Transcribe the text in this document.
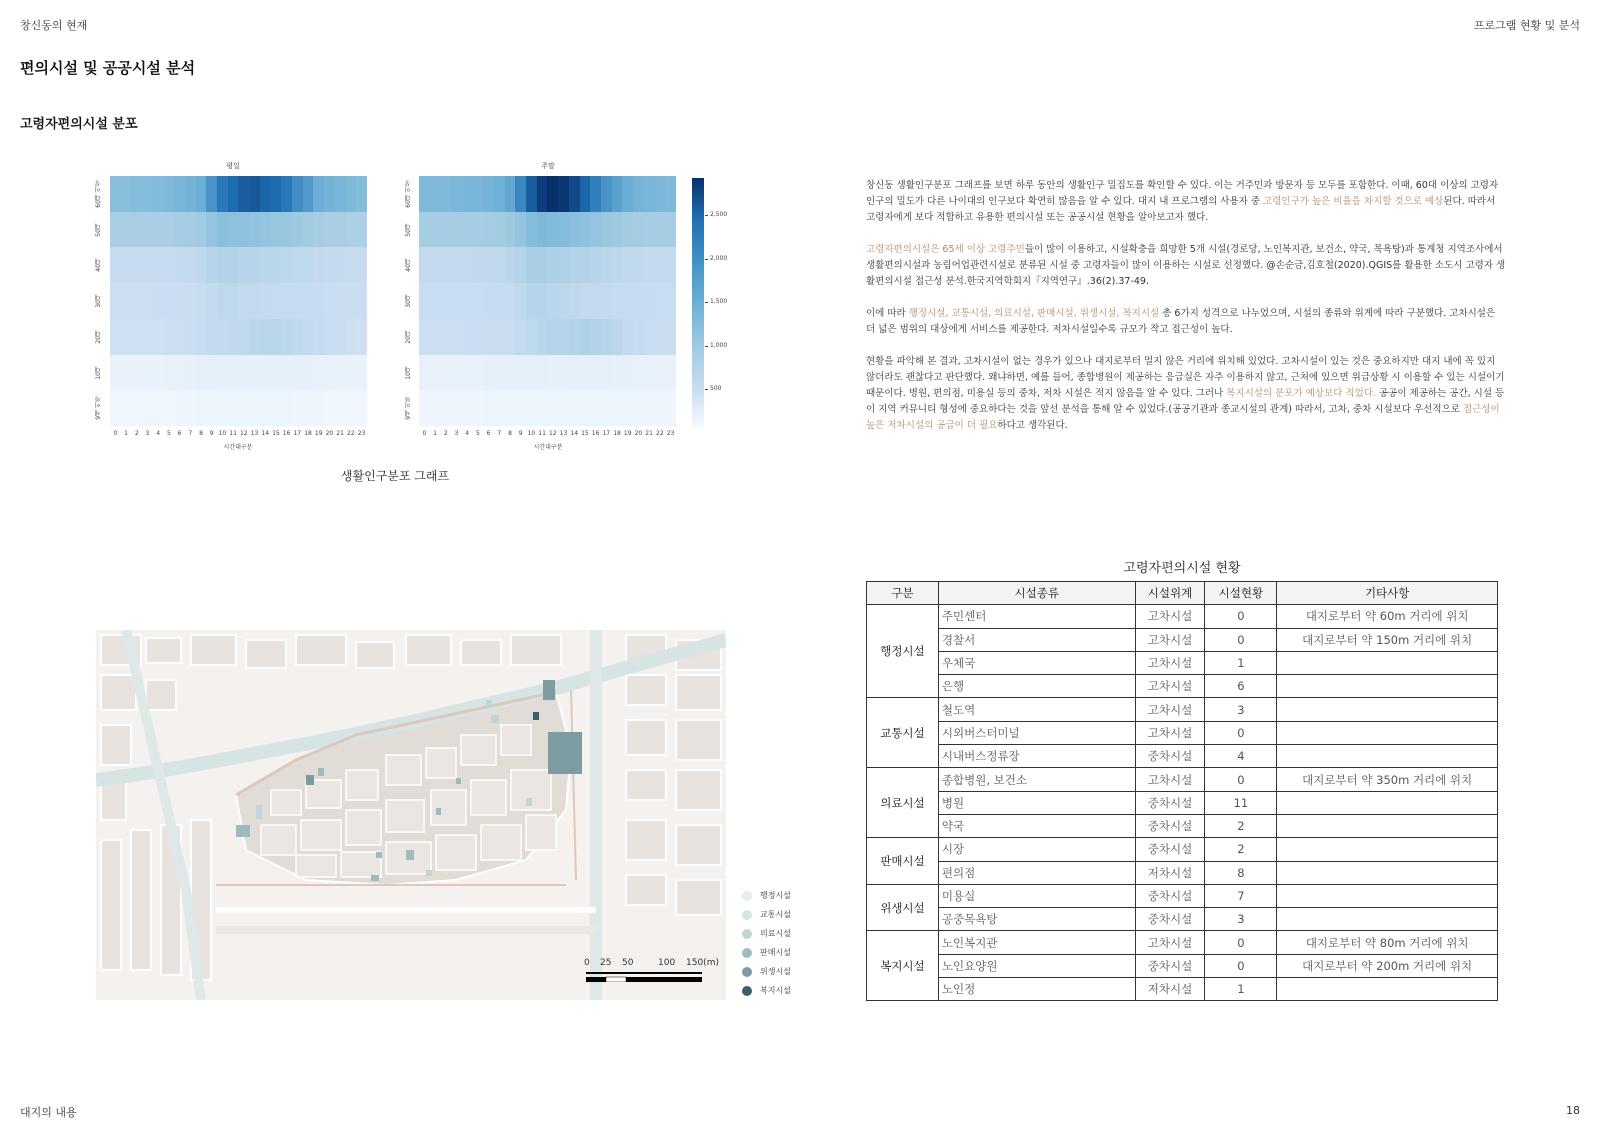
창신동의 현재	프로그램 현황 및 분석
편의시설 및 공공시설 분석
고령자편의시설 분포
평일
60대 이상
50대
40대
30대
20대
10대
9세 이하
0	1	2	3	4	5	6	7	8	9 10 11 12 13 14 15 16 17 18 19 20 21 22 23
시간대구분
주말
60대 이상
50대
40대
30대
20대
10대
9세 이하
0	1	2	3	4	5	6	7	8	9 10 11 12 13 14 15 16 17 18 19 20 21 22 23
시간대구분
2,500
2,000
1,500
1,000
500
생활인구분포 그래프

창신동 생활인구분포 그래프를 보면 하루 동안의 생활인구 밀집도를 확인할 수 있다. 이는 거주민과 방문자 등 모두를 포함한다. 이때, 60대 이상의 고령자 인구의 밀도가 다른 나이대의 인구보다 확연히 많음을 알 수 있다. 대지 내 프로그램의 사용자 중 고령인구가 높은 비율을 차지할 것으로 예상된다. 따라서 고령자에게 보다 적합하고 유용한 편의시설 또는 공공시설 현황을 알아보고자 했다.

고령자편의시설은 65세 이상 고령주민들이 많이 이용하고, 시설확충을 희망한 5개 시설(경로당, 노인복지관, 보건소, 약국, 목욕탕)과 통계청 지역조사에서 생활편의시설과 농림어업관련시설로 분류된 시설 중 고령자들이 많이 이용하는 시설로 선정했다. @손순금,김호철(2020).QGIS를 활용한 소도시 고령자 생활편의시설 접근성 분석.한국지역학회지『지역연구』.36(2).37-49.

이에 따라 행정시설, 교통시설, 의료시설, 판매시설, 위생시설, 복지시설 총 6가지 성격으로 나누었으며, 시설의 종류와 위계에 따라 구분했다. 고차시설은 더 넓은 범위의 대상에게 서비스를 제공한다. 저차시설일수록 규모가 작고 접근성이 높다.

현황을 파악해 본 결과, 고차시설이 없는 경우가 있으나 대지로부터 멀지 않은 거리에 위치해 있었다. 고차시설이 있는 것은 중요하지만 대지 내에 꼭 있지 않더라도 괜찮다고 판단했다. 왜냐하면, 예를 들어, 종합병원이 제공하는 응급실은 자주 이용하지 않고, 근처에 있으면 위급상황 시 이용할 수 있는 시설이기 때문이다. 병원, 편의점, 미용실 등의 중차, 저차 시설은 적지 않음을 알 수 있다. 그러나 복지시설의 분포가 예상보다 적었다. 공공이 제공하는 공간, 시설 등이 지역 커뮤니티 형성에 중요하다는 것을 앞선 분석을 통해 알 수 있었다.(공공기관과 종교시설의 관계) 따라서, 고차, 중차 시설보다 우선적으로 접근성이 높은 저차시설의 공급이 더 필요하다고 생각된다.

고령자편의시설 현황
구분	시설종류	시설위계	시설현황	기타사항
행정시설	주민센터	고차시설	0	대지로부터 약 60m 거리에 위치
	경찰서	고차시설	0	대지로부터 약 150m 거리에 위치
	우체국	고차시설	1	
	은행	고차시설	6	
교통시설	철도역	고차시설	3	
	시외버스터미널	고차시설	0	
	시내버스정류장	중차시설	4	
의료시설	종합병원, 보건소	고차시설	0	대지로부터 약 350m 거리에 위치
	병원	중차시설	11	
	약국	중차시설	2	
판매시설	시장	중차시설	2	
	편의점	저차시설	8	
위생시설	미용실	중차시설	7	
	공중목욕탕	중차시설	3	
복지시설	노인복지관	고차시설	0	대지로부터 약 80m 거리에 위치
	노인요양원	중차시설	0	대지로부터 약 200m 거리에 위치
	노인정	저차시설	1	
0 25 50	100 150(m)
행정시설
교통시설
의료시설
판매시설
위생시설
복지시설
대지의 내용	18
